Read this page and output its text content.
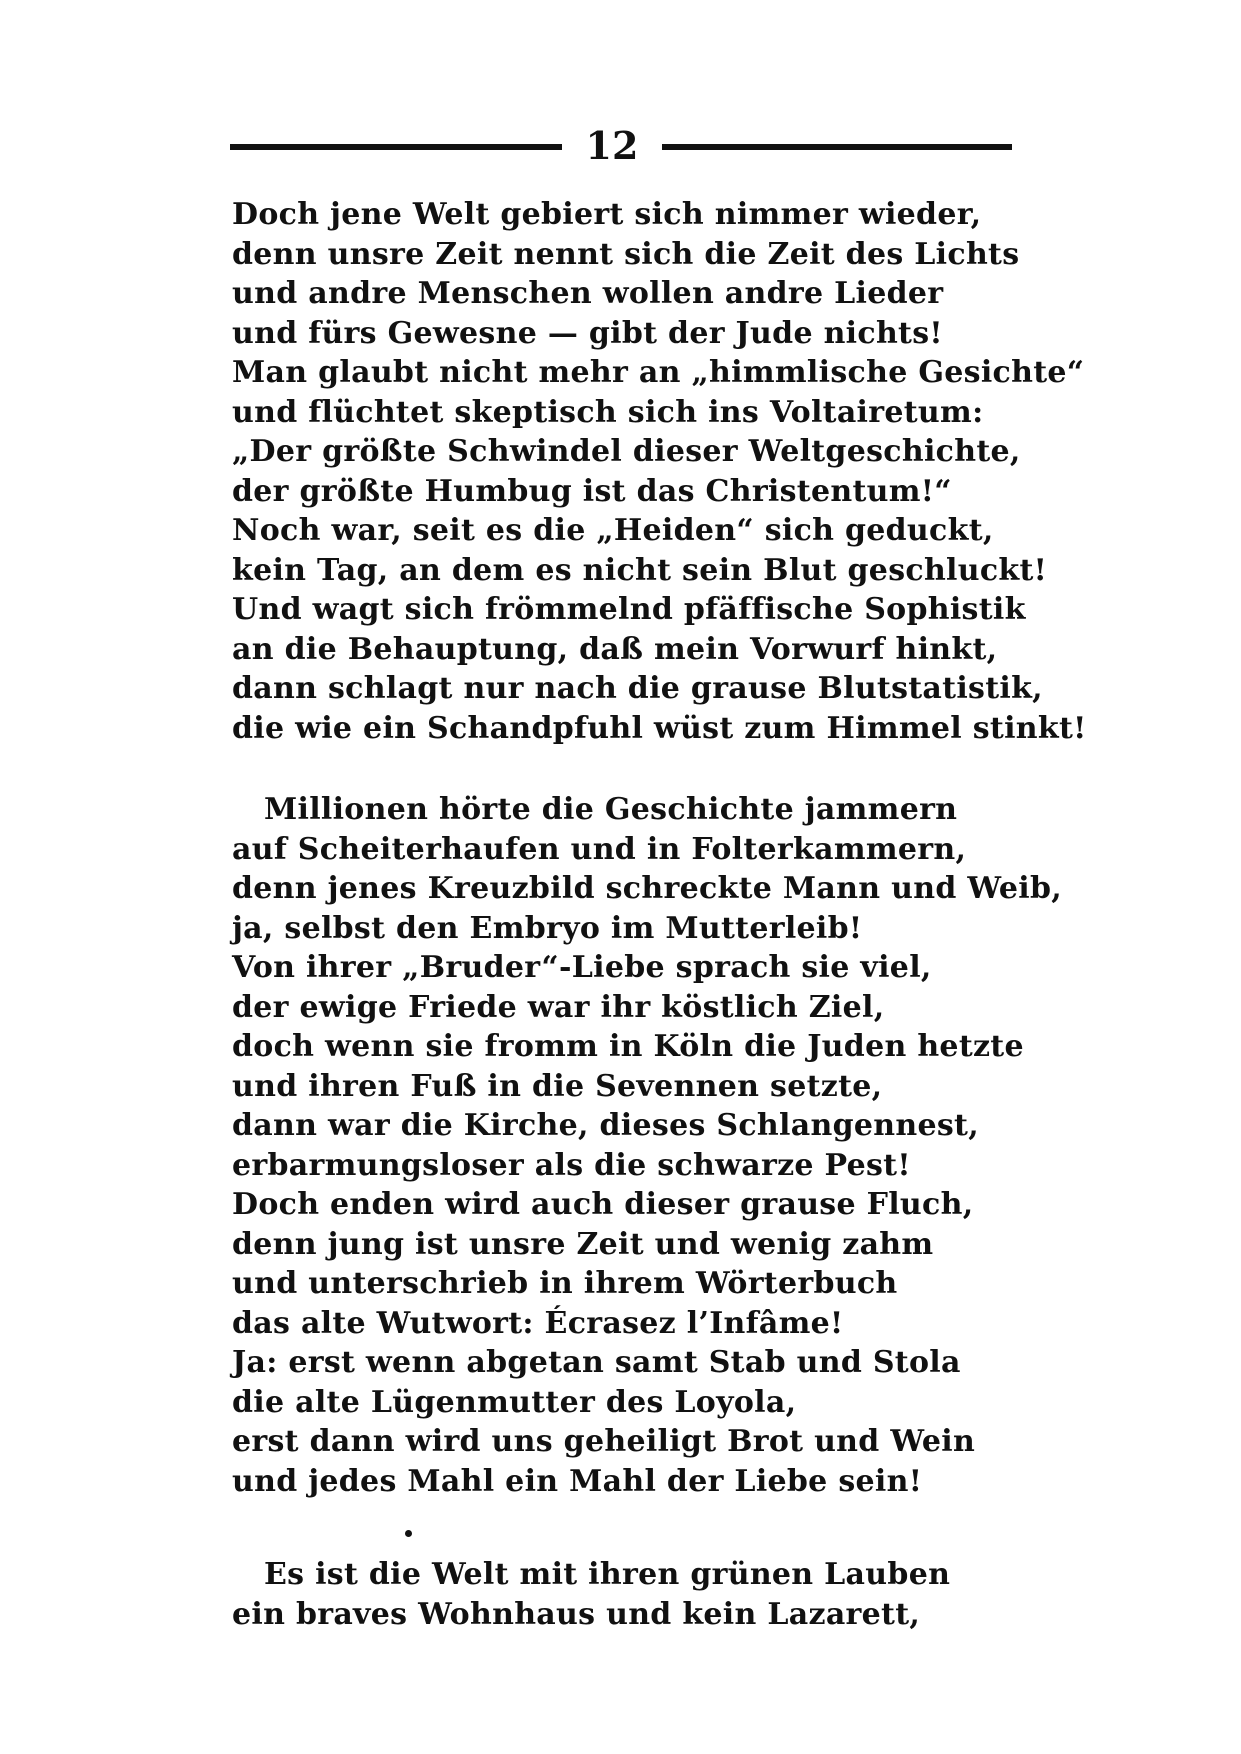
12
Doch jene Welt gebiert sich nimmer wieder,
denn unsre Zeit nennt sich die Zeit des Lichts
und andre Menschen wollen andre Lieder
und fürs Gewesne — gibt der Jude nichts!
Man glaubt nicht mehr an „himmlische Gesichte“
und flüchtet skeptisch sich ins Voltairetum:
„Der größte Schwindel dieser Weltgeschichte,
der größte Humbug ist das Christentum!“
Noch war, seit es die „Heiden“ sich geduckt,
kein Tag, an dem es nicht sein Blut geschluckt!
Und wagt sich frömmelnd pfäffische Sophistik
an die Behauptung, daß mein Vorwurf hinkt,
dann schlagt nur nach die grause Blutstatistik,
die wie ein Schandpfuhl wüst zum Himmel stinkt!
Millionen hörte die Geschichte jammern
auf Scheiterhaufen und in Folterkammern,
denn jenes Kreuzbild schreckte Mann und Weib,
ja, selbst den Embryo im Mutterleib!
Von ihrer „Bruder“-Liebe sprach sie viel,
der ewige Friede war ihr köstlich Ziel,
doch wenn sie fromm in Köln die Juden hetzte
und ihren Fuß in die Sevennen setzte,
dann war die Kirche, dieses Schlangennest,
erbarmungsloser als die schwarze Pest!
Doch enden wird auch dieser grause Fluch,
denn jung ist unsre Zeit und wenig zahm
und unterschrieb in ihrem Wörterbuch
das alte Wutwort: Écrasez l’Infâme!
Ja: erst wenn abgetan samt Stab und Stola
die alte Lügenmutter des Loyola,
erst dann wird uns geheiligt Brot und Wein
und jedes Mahl ein Mahl der Liebe sein!
Es ist die Welt mit ihren grünen Lauben
ein braves Wohnhaus und kein Lazarett,
